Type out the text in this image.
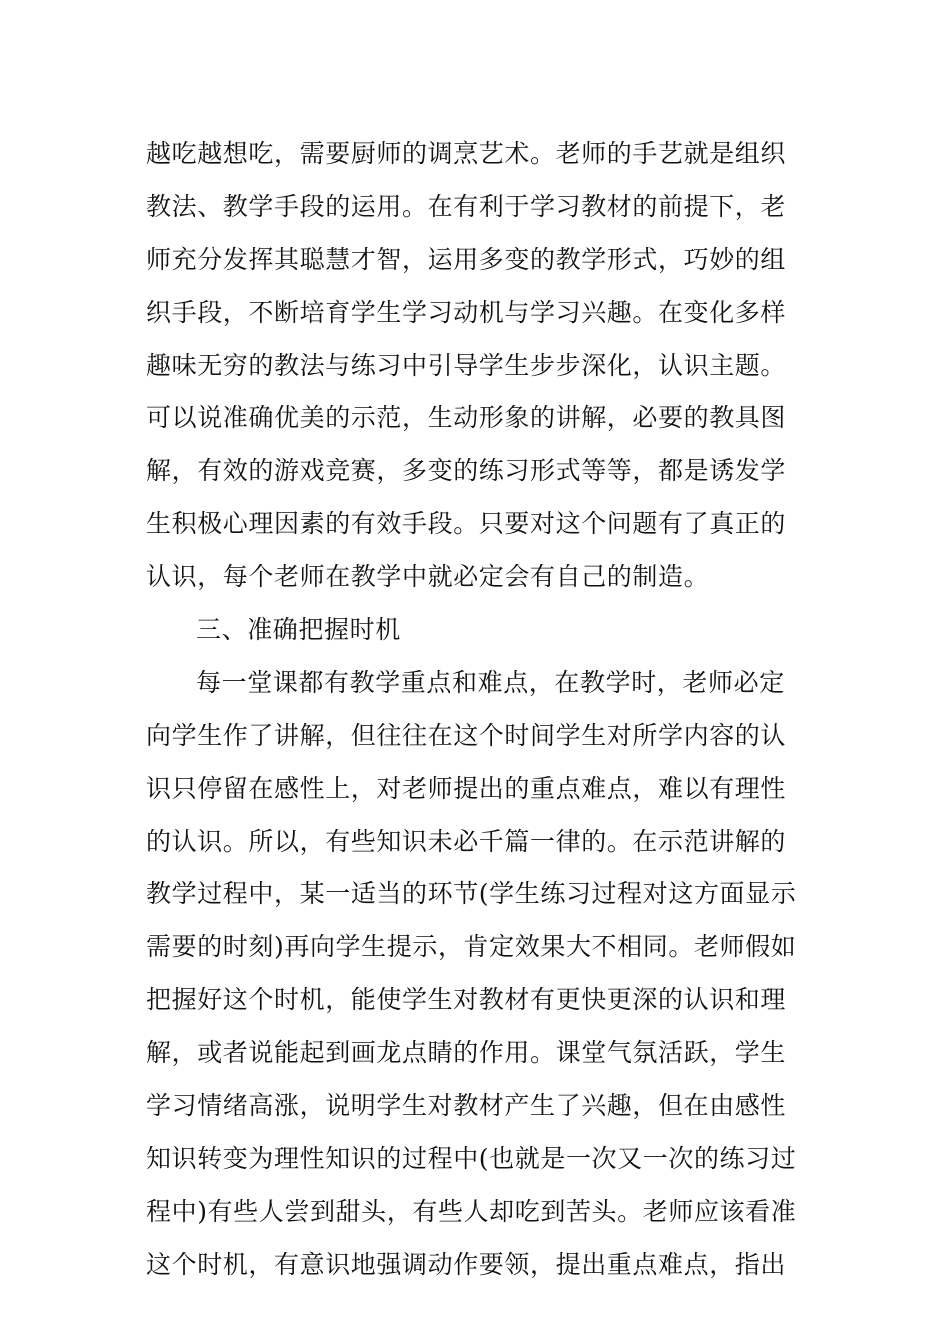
越吃越想吃，需要厨师的调烹艺术。老师的手艺就是组织
教法、教学手段的运用。在有利于学习教材的前提下，老
师充分发挥其聪慧才智，运用多变的教学形式，巧妙的组
织手段，不断培育学生学习动机与学习兴趣。在变化多样
趣味无穷的教法与练习中引导学生步步深化，认识主题。
可以说准确优美的示范，生动形象的讲解，必要的教具图
解，有效的游戏竞赛，多变的练习形式等等，都是诱发学
生积极心理因素的有效手段。只要对这个问题有了真正的
认识，每个老师在教学中就必定会有自己的制造。
三、准确把握时机
每一堂课都有教学重点和难点，在教学时，老师必定
向学生作了讲解，但往往在这个时间学生对所学内容的认
识只停留在感性上，对老师提出的重点难点，难以有理性
的认识。所以，有些知识未必千篇一律的。在示范讲解的
教学过程中，某一适当的环节(学生练习过程对这方面显示
需要的时刻)再向学生提示，肯定效果大不相同。老师假如
把握好这个时机，能使学生对教材有更快更深的认识和理
解，或者说能起到画龙点睛的作用。课堂气氛活跃，学生
学习情绪高涨，说明学生对教材产生了兴趣，但在由感性
知识转变为理性知识的过程中(也就是一次又一次的练习过
程中)有些人尝到甜头，有些人却吃到苦头。老师应该看准
这个时机，有意识地强调动作要领，提出重点难点，指出
